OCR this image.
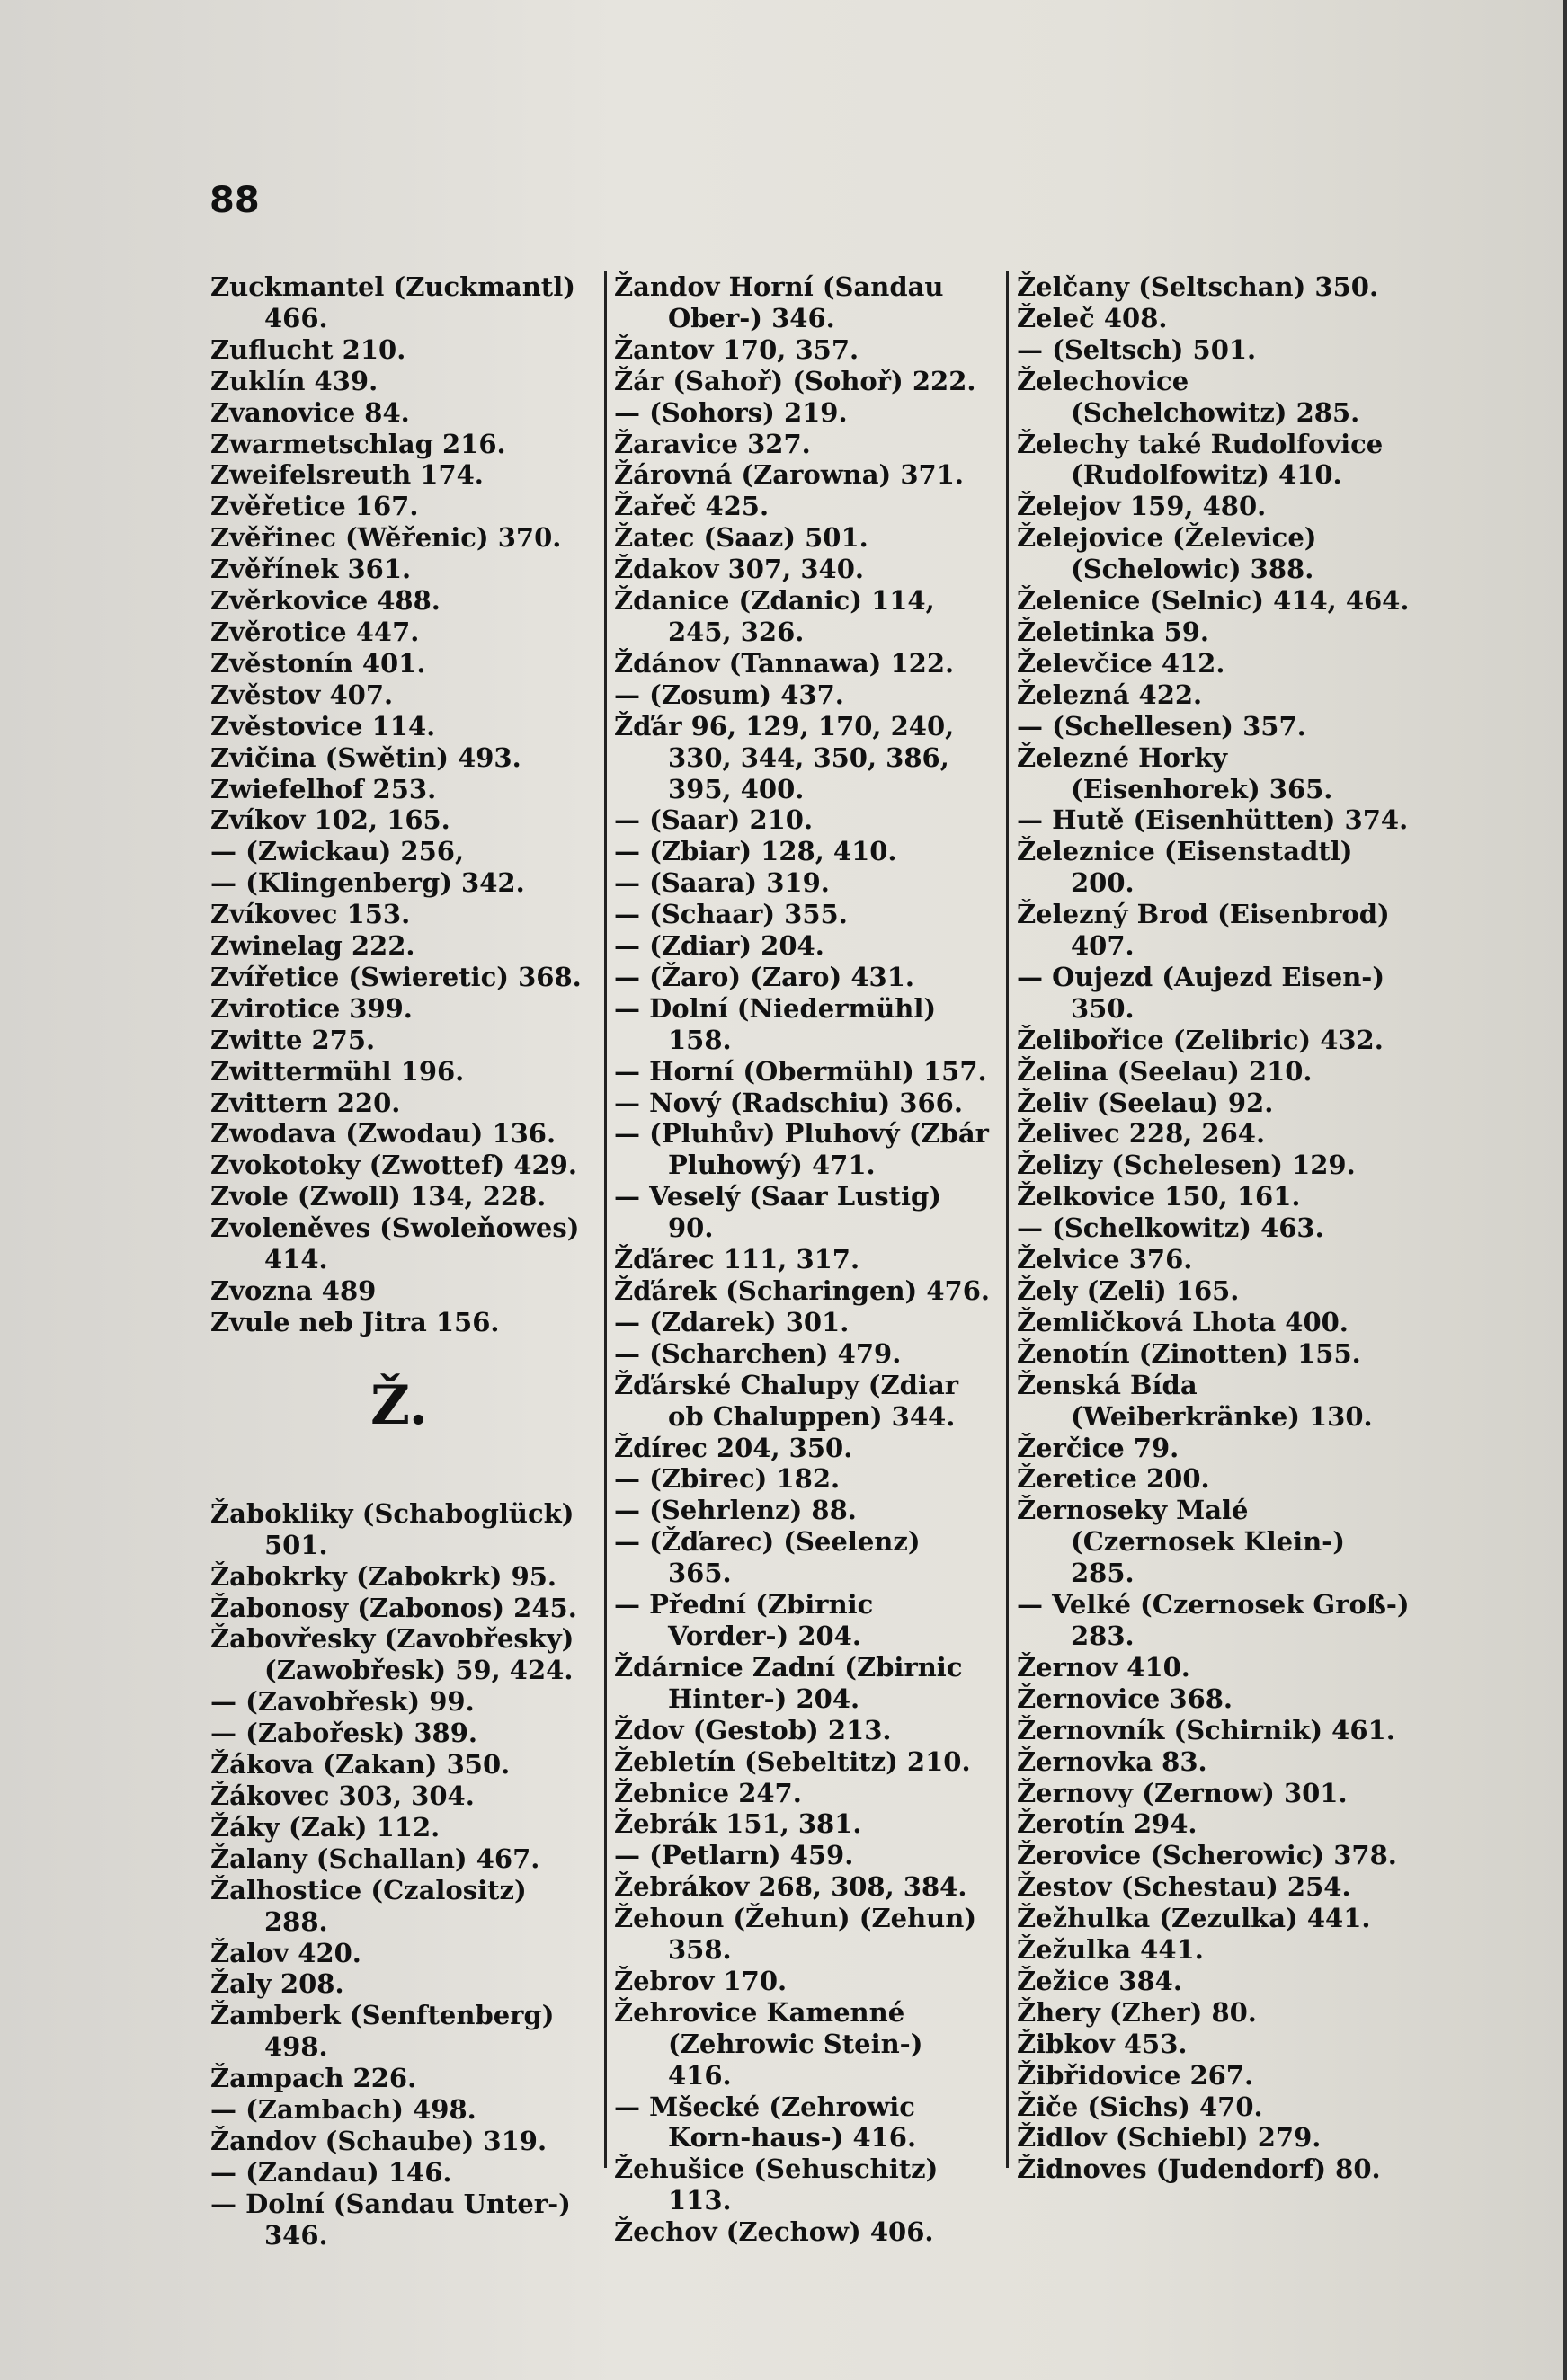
88

Zuckmantel (Zuckmantl) 466.

Zuflucht 210.

Zuklín 439.

Zvanovice 84.

Zwarmetschlag 216.

Zweifelsreuth 174.

Zvěřetice 167.

Zvěřinec (Wěřenic) 370.

Zvěřínek 361.

Zvěrkovice 488.

Zvěrotice 447.

Zvěstonín 401.

Zvěstov 407.

Zvěstovice 114.

Zvičina (Swětin) 493.

Zwiefelhof 253.

Zvíkov 102, 165.

— (Zwickau) 256,

— (Klingenberg) 342.

Zvíkovec 153.

Zwinelag 222.

Zvířetice (Swieretic) 368.

Zvirotice 399.

Zwitte 275.

Zwittermühl 196.

Zvittern 220.

Zwodava (Zwodau) 136.

Zvokotoky (Zwottef) 429.

Zvole (Zwoll) 134, 228.

Zvoleněves (Swoleňowes) 414.

Zvozna 489

Zvule neb Jitra 156.

Ž.

Žabokliky (Schaboglück) 501.

Žabokrky (Zabokrk) 95.

Žabonosy (Zabonos) 245.

Žabovřesky (Zavobřesky) (Zawobřesk) 59, 424.

— (Zavobřesk) 99.

— (Zabořesk) 389.

Žákova (Zakan) 350.

Žákovec 303, 304.

Žáky (Zak) 112.

Žalany (Schallan) 467.

Žalhostice (Czalositz) 288.

Žalov 420.

Žaly 208.

Žamberk (Senftenberg) 498.

Žampach 226.

— (Zambach) 498.

Žandov (Schaube) 319.

— (Zandau) 146.

— Dolní (Sandau Unter-) 346.

Žandov Horní (Sandau Ober-) 346.

Žantov 170, 357.

Žár (Sahoř) (Sohoř) 222.

— (Sohors) 219.

Žaravice 327.

Žárovná (Zarowna) 371.

Žařeč 425.

Žatec (Saaz) 501.

Ždakov 307, 340.

Ždanice (Zdanic) 114, 245, 326.

Ždánov (Tannawa) 122.

— (Zosum) 437.

Žďár 96, 129, 170, 240, 330, 344, 350, 386, 395, 400.

— (Saar) 210.

— (Zbiar) 128, 410.

— (Saara) 319.

— (Schaar) 355.

— (Zdiar) 204.

— (Žaro) (Zaro) 431.

— Dolní (Niedermühl) 158.

— Horní (Obermühl) 157.

— Nový (Radschiu) 366.

— (Pluhův) Pluhový (Zbár Pluhowý) 471.

— Veselý (Saar Lustig) 90.

Žďárec 111, 317.

Žďárek (Scharingen) 476.

— (Zdarek) 301.

— (Scharchen) 479.

Žďárské Chalupy (Zdiar ob Chaluppen) 344.

Ždírec 204, 350.

— (Zbirec) 182.

— (Sehrlenz) 88.

— (Žďarec) (Seelenz) 365.

— Přední (Zbirnic Vorder-) 204.

Ždárnice Zadní (Zbirnic Hinter-) 204.

Ždov (Gestob) 213.

Žebletín (Sebeltitz) 210.

Žebnice 247.

Žebrák 151, 381.

— (Petlarn) 459.

Žebrákov 268, 308, 384.

Žehoun (Žehun) (Zehun) 358.

Žebrov 170.

Žehrovice Kamenné (Zehrowic Stein-) 416.

— Mšecké (Zehrowic Korn-haus-) 416.

Žehušice (Sehuschitz) 113.

Žechov (Zechow) 406.

Želčany (Seltschan) 350.

Želeč 408.

— (Seltsch) 501.

Želechovice (Schelchowitz) 285.

Želechy také Rudolfovice (Rudolfowitz) 410.

Želejov 159, 480.

Želejovice (Želevice) (Schelowic) 388.

Želenice (Selnic) 414, 464.

Želetinka 59.

Želevčice 412.

Železná 422.

— (Schellesen) 357.

Železné Horky (Eisenhorek) 365.

— Hutě (Eisenhütten) 374.

Železnice (Eisenstadtl) 200.

Železný Brod (Eisenbrod) 407.

— Oujezd (Aujezd Eisen-) 350.

Želibořice (Zelibric) 432.

Želina (Seelau) 210.

Želiv (Seelau) 92.

Želivec 228, 264.

Želizy (Schelesen) 129.

Želkovice 150, 161.

— (Schelkowitz) 463.

Želvice 376.

Žely (Zeli) 165.

Žemličková Lhota 400.

Ženotín (Zinotten) 155.

Ženská Bída (Weiberkränke) 130.

Žerčice 79.

Žeretice 200.

Žernoseky Malé (Czernosek Klein-) 285.

— Velké (Czernosek Groß-) 283.

Žernov 410.

Žernovice 368.

Žernovník (Schirnik) 461.

Žernovka 83.

Žernovy (Zernow) 301.

Žerotín 294.

Žerovice (Scherowic) 378.

Žestov (Schestau) 254.

Žežhulka (Zezulka) 441.

Žežulka 441.

Žežice 384.

Žhery (Zher) 80.

Žibkov 453.

Žibřidovice 267.

Žiče (Sichs) 470.

Židlov (Schiebl) 279.

Židnoves (Judendorf) 80.
